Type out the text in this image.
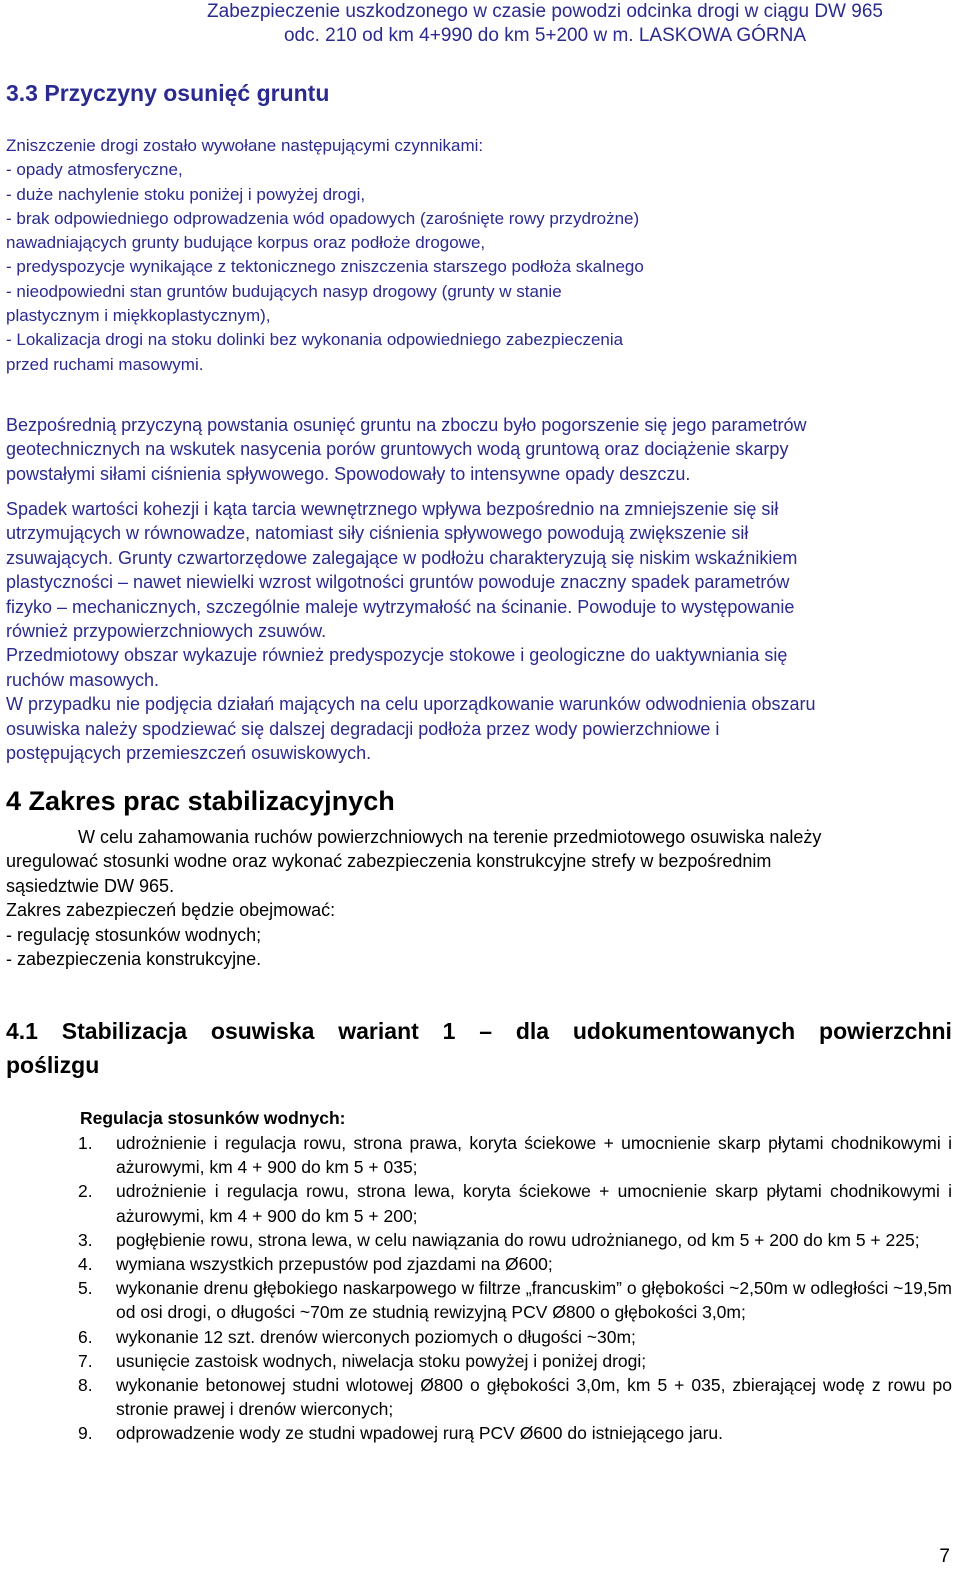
Zabezpieczenie uszkodzonego w czasie powodzi odcinka drogi w ciągu DW 965
odc. 210 od km 4+990 do km 5+200 w m. LASKOWA GÓRNA
3.3 Przyczyny osunięć gruntu
Zniszczenie drogi zostało wywołane następującymi czynnikami:
- opady atmosferyczne,
- duże nachylenie stoku poniżej i powyżej drogi,
- brak odpowiedniego odprowadzenia wód opadowych (zarośnięte rowy przydrożne)
nawadniających grunty budujące korpus oraz podłoże drogowe,
- predyspozycje wynikające z tektonicznego zniszczenia starszego podłoża skalnego
- nieodpowiedni stan gruntów budujących nasyp drogowy (grunty w stanie
plastycznym i miękkoplastycznym),
- Lokalizacja drogi na stoku dolinki bez wykonania odpowiedniego zabezpieczenia
przed ruchami masowymi.
Bezpośrednią przyczyną powstania osunięć gruntu na zboczu było pogorszenie się jego parametrów
geotechnicznych na wskutek nasycenia porów gruntowych wodą gruntową oraz dociążenie skarpy
powstałymi siłami ciśnienia spływowego. Spowodowały to intensywne opady deszczu.
Spadek wartości kohezji i kąta tarcia wewnętrznego wpływa bezpośrednio na zmniejszenie się sił
utrzymujących w równowadze, natomiast siły ciśnienia spływowego powodują zwiększenie sił
zsuwających. Grunty czwartorzędowe zalegające w podłożu charakteryzują się niskim wskaźnikiem
plastyczności – nawet niewielki wzrost wilgotności gruntów powoduje znaczny spadek parametrów
fizyko – mechanicznych, szczególnie maleje wytrzymałość na ścinanie. Powoduje to występowanie
również przypowierzchniowych zsuwów.
Przedmiotowy obszar wykazuje również predyspozycje stokowe i geologiczne do uaktywniania się
ruchów masowych.
W przypadku nie podjęcia działań mających na celu uporządkowanie warunków odwodnienia obszaru
osuwiska należy spodziewać się dalszej degradacji podłoża przez wody powierzchniowe i
postępujących przemieszczeń osuwiskowych.
4 Zakres prac stabilizacyjnych
W celu zahamowania ruchów powierzchniowych na terenie przedmiotowego osuwiska należy
uregulować stosunki wodne oraz wykonać zabezpieczenia konstrukcyjne strefy w bezpośrednim
sąsiedztwie DW 965.
Zakres zabezpieczeń będzie obejmować:
- regulację stosunków wodnych;
- zabezpieczenia konstrukcyjne.
4.1 Stabilizacja osuwiska wariant 1 – dla udokumentowanych powierzchni
poślizgu
Regulacja stosunków wodnych:
1.	udrożnienie i regulacja rowu, strona prawa, koryta ściekowe + umocnienie skarp płytami chodnikowymi i ażurowymi, km 4 + 900 do km 5 + 035;
2.	udrożnienie i regulacja rowu, strona lewa, koryta ściekowe + umocnienie skarp płytami chodnikowymi i ażurowymi, km 4 + 900 do km 5 + 200;
3.	pogłębienie rowu, strona lewa, w celu nawiązania do rowu udrożnianego, od km 5 + 200 do km 5 + 225;
4.	wymiana wszystkich przepustów pod zjazdami na Ø600;
5.	wykonanie drenu głębokiego naskarpowego w filtrze „francuskim” o głębokości ~2,50m w odległości ~19,5m od osi drogi, o długości ~70m ze studnią rewizyjną PCV Ø800 o głębokości 3,0m;
6.	wykonanie 12 szt. drenów wierconych poziomych o długości ~30m;
7.	usunięcie zastoisk wodnych, niwelacja stoku powyżej i poniżej drogi;
8.	wykonanie betonowej studni wlotowej Ø800 o głębokości 3,0m, km 5 + 035, zbierającej wodę z rowu po stronie prawej i drenów wierconych;
9.	odprowadzenie wody ze studni wpadowej rurą PCV Ø600 do istniejącego jaru.
7
